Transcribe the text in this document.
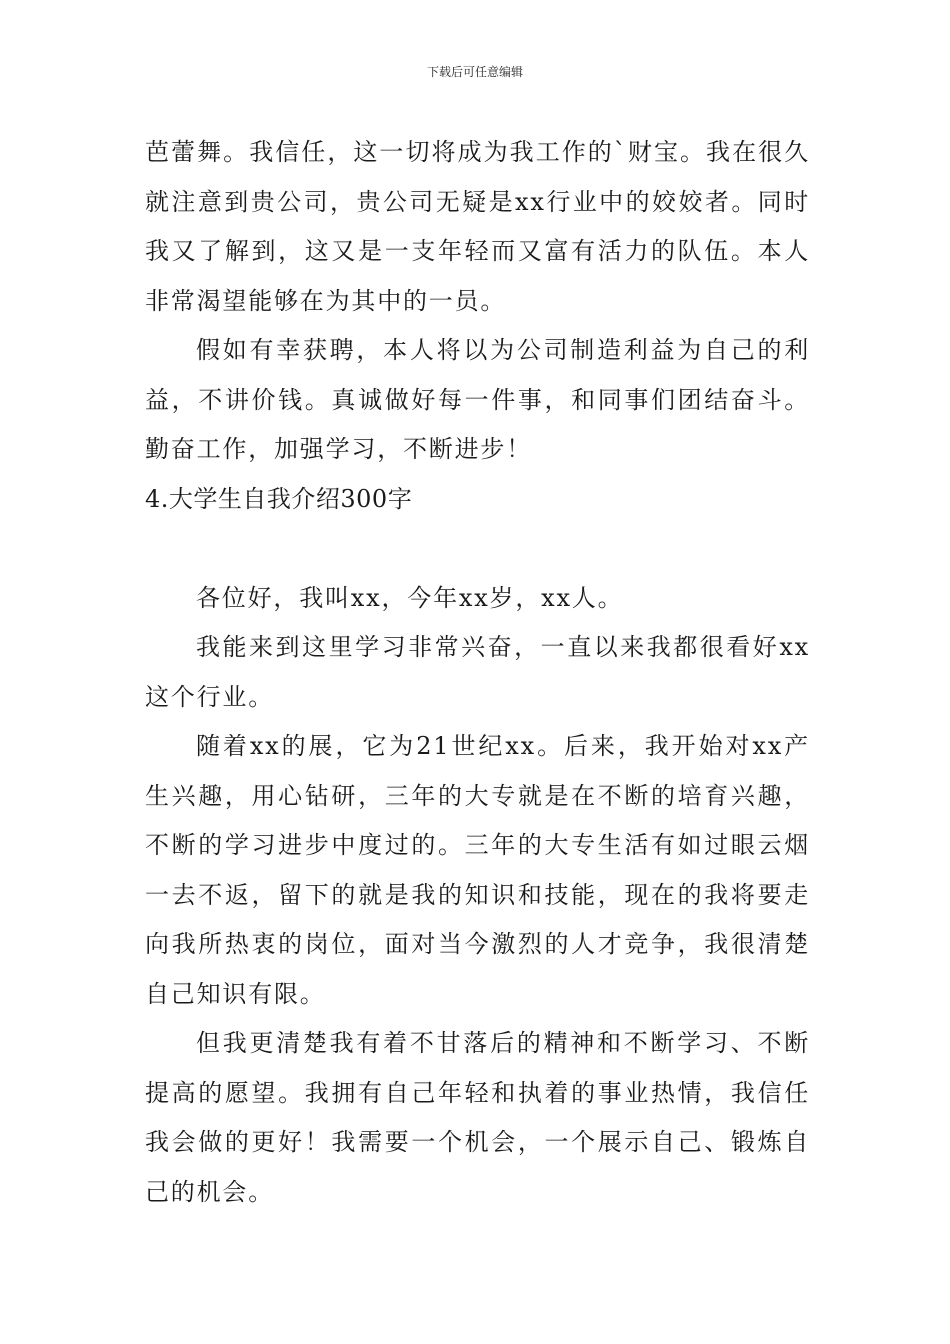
下载后可任意编辑

芭蕾舞。我信任，这一切将成为我工作的`财宝。我在很久就注意到贵公司，贵公司无疑是xx行业中的姣姣者。同时我又了解到，这又是一支年轻而又富有活力的队伍。本人非常渴望能够在为其中的一员。

假如有幸获聘，本人将以为公司制造利益为自己的利益，不讲价钱。真诚做好每一件事，和同事们团结奋斗。勤奋工作，加强学习，不断进步！

4.大学生自我介绍300字

各位好，我叫xx，今年xx岁，xx人。

我能来到这里学习非常兴奋，一直以来我都很看好xx这个行业。

随着xx的展，它为21世纪xx。后来，我开始对xx产生兴趣，用心钻研，三年的大专就是在不断的培育兴趣，不断的学习进步中度过的。三年的大专生活有如过眼云烟一去不返，留下的就是我的知识和技能，现在的我将要走向我所热衷的岗位，面对当今激烈的人才竞争，我很清楚自己知识有限。

但我更清楚我有着不甘落后的精神和不断学习、不断提高的愿望。我拥有自己年轻和执着的事业热情，我信任我会做的更好！我需要一个机会，一个展示自己、锻炼自己的机会。
